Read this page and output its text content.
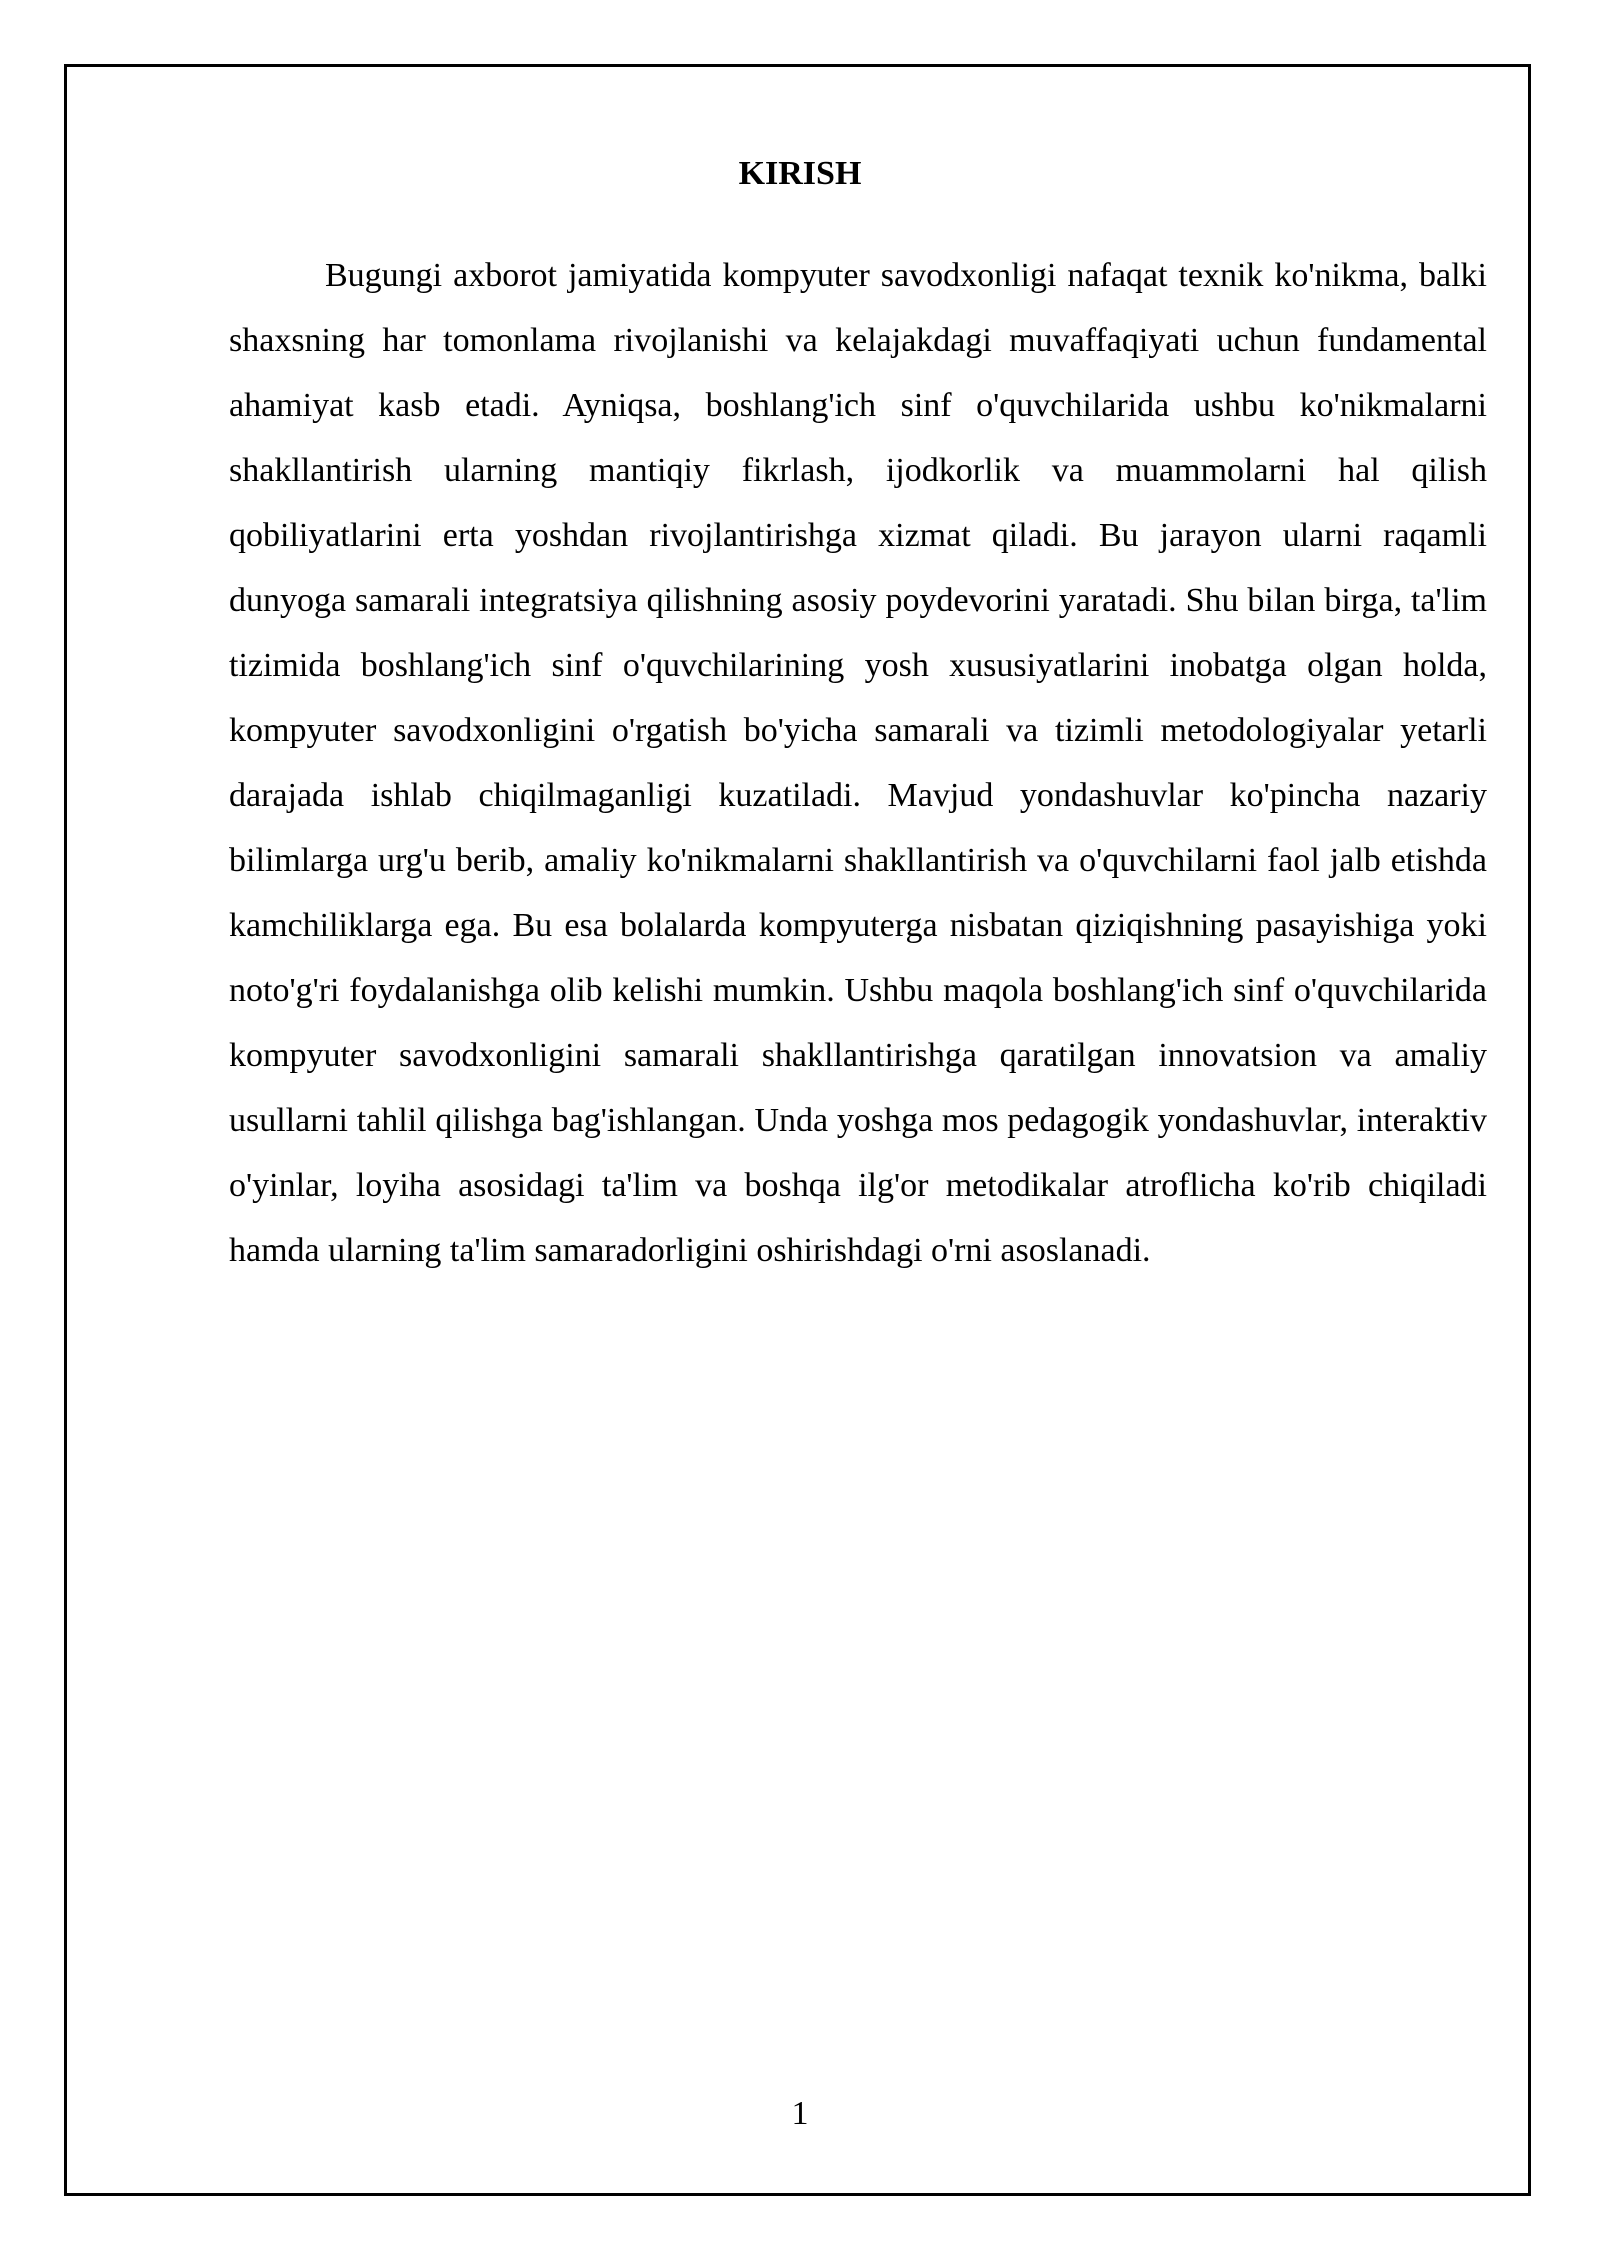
KIRISH

Bugungi axborot jamiyatida kompyuter savodxonligi nafaqat texnik ko'nikma, balki shaxsning har tomonlama rivojlanishi va kelajakdagi muvaffaqiyati uchun fundamental ahamiyat kasb etadi. Ayniqsa, boshlang'ich sinf o'quvchilarida ushbu ko'nikmalarni shakllantirish ularning mantiqiy fikrlash, ijodkorlik va muammolarni hal qilish qobiliyatlarini erta yoshdan rivojlantirishga xizmat qiladi. Bu jarayon ularni raqamli dunyoga samarali integratsiya qilishning asosiy poydevorini yaratadi. Shu bilan birga, ta'lim tizimida boshlang'ich sinf o'quvchilarining yosh xususiyatlarini inobatga olgan holda, kompyuter savodxonligini o'rgatish bo'yicha samarali va tizimli metodologiyalar yetarli darajada ishlab chiqilmaganligi kuzatiladi. Mavjud yondashuvlar ko'pincha nazariy bilimlarga urg'u berib, amaliy ko'nikmalarni shakllantirish va o'quvchilarni faol jalb etishda kamchiliklarga ega. Bu esa bolalarda kompyuterga nisbatan qiziqishning pasayishiga yoki noto'g'ri foydalanishga olib kelishi mumkin. Ushbu maqola boshlang'ich sinf o'quvchilarida kompyuter savodxonligini samarali shakllantirishga qaratilgan innovatsion va amaliy usullarni tahlil qilishga bag'ishlangan. Unda yoshga mos pedagogik yondashuvlar, interaktiv o'yinlar, loyiha asosidagi ta'lim va boshqa ilg'or metodikalar atroflicha ko'rib chiqiladi hamda ularning ta'lim samaradorligini oshirishdagi o'rni asoslanadi.

1
